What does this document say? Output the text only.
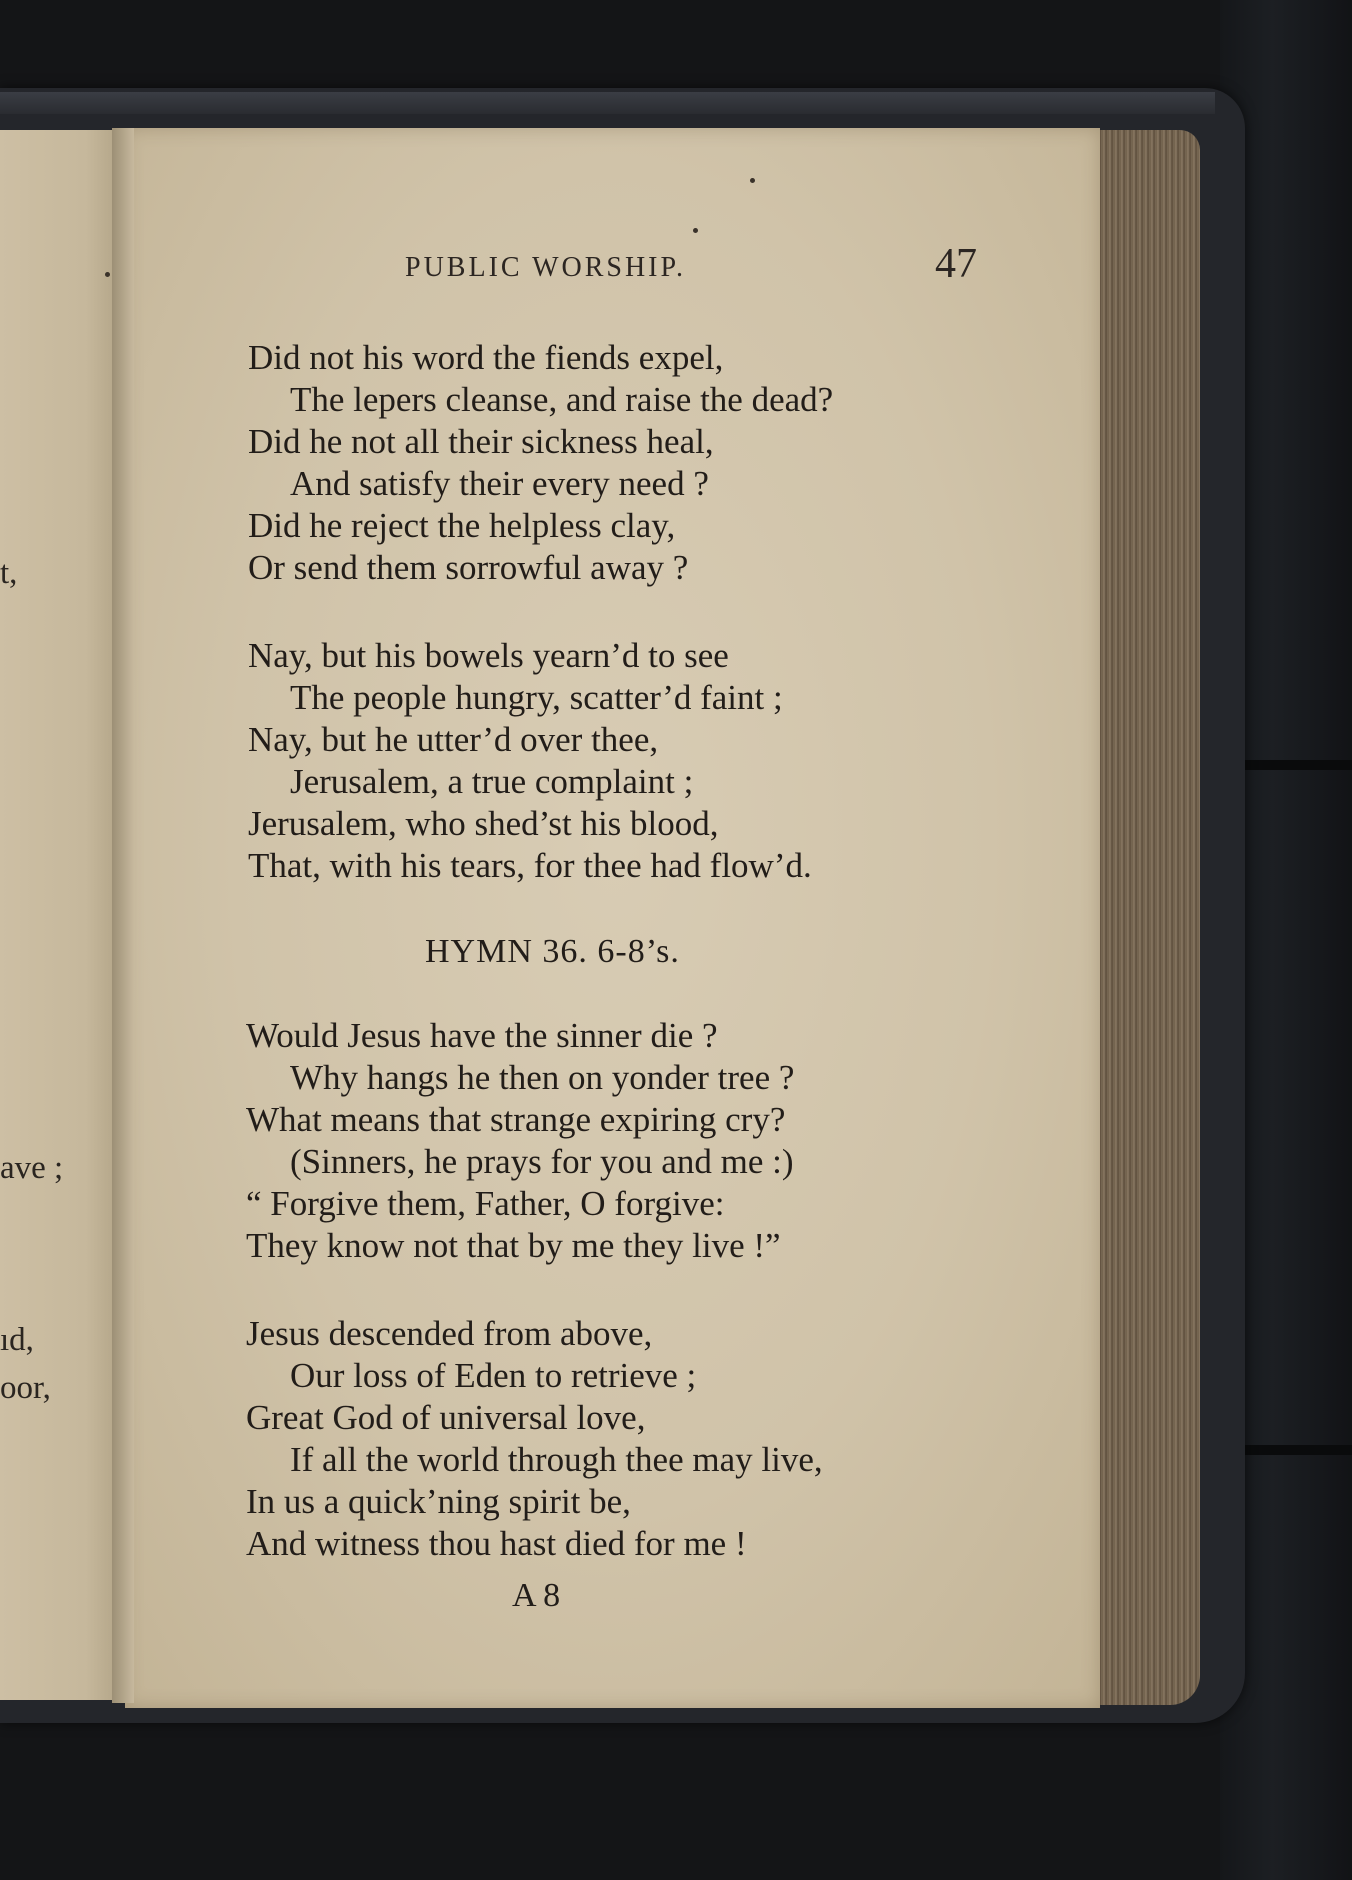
t,
ave ;
ıd,
oor,
PUBLIC WORSHIP.	47
Did not his word the fiends expel,
The lepers cleanse, and raise the dead?
Did he not all their sickness heal,
And satisfy their every need ?
Did he reject the helpless clay,
Or send them sorrowful away ?
Nay, but his bowels yearn’d to see
The people hungry, scatter’d faint ;
Nay, but he utter’d over thee,
Jerusalem, a true complaint ;
Jerusalem, who shed’st his blood,
That, with his tears, for thee had flow’d.
HYMN 36. 6-8’s.
Would Jesus have the sinner die ?
Why hangs he then on yonder tree ?
What means that strange expiring cry?
(Sinners, he prays for you and me :)
“ Forgive them, Father, O forgive:
They know not that by me they live !”
Jesus descended from above,
Our loss of Eden to retrieve ;
Great God of universal love,
If all the world through thee may live,
In us a quick’ning spirit be,
And witness thou hast died for me !
A 8
